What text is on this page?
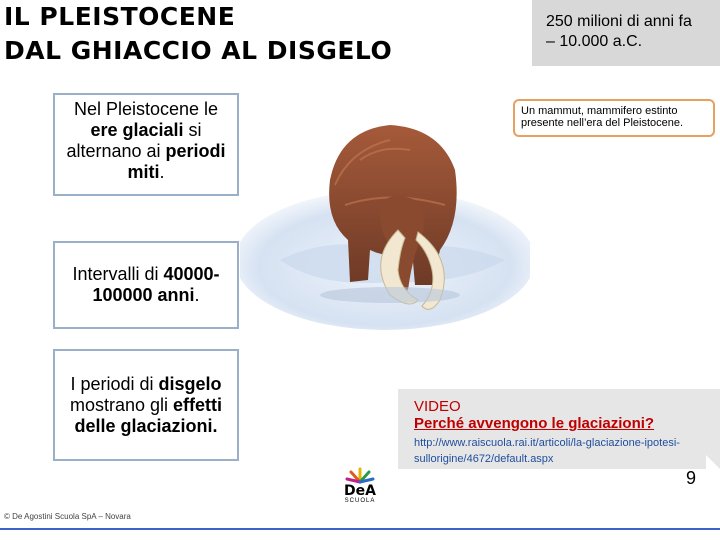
IL PLEISTOCENE
DAL GHIACCIO AL DISGELO
250 milioni di anni fa
– 10.000 a.C.
Nel Pleistocene le ere glaciali si alternano ai periodi miti.
Intervalli di 40000-100000 anni.
I periodi di disgelo mostrano gli effetti delle glaciazioni.
Un mammut, mammifero estinto presente nell’era del Pleistocene.
VIDEO
Perché avvengono le glaciazioni?
http://www.raiscuola.rai.it/articoli/la-glaciazione-ipotesi-sullorigine/4672/default.aspx
DeA
SCUOLA
© De Agostini Scuola SpA – Novara
9
